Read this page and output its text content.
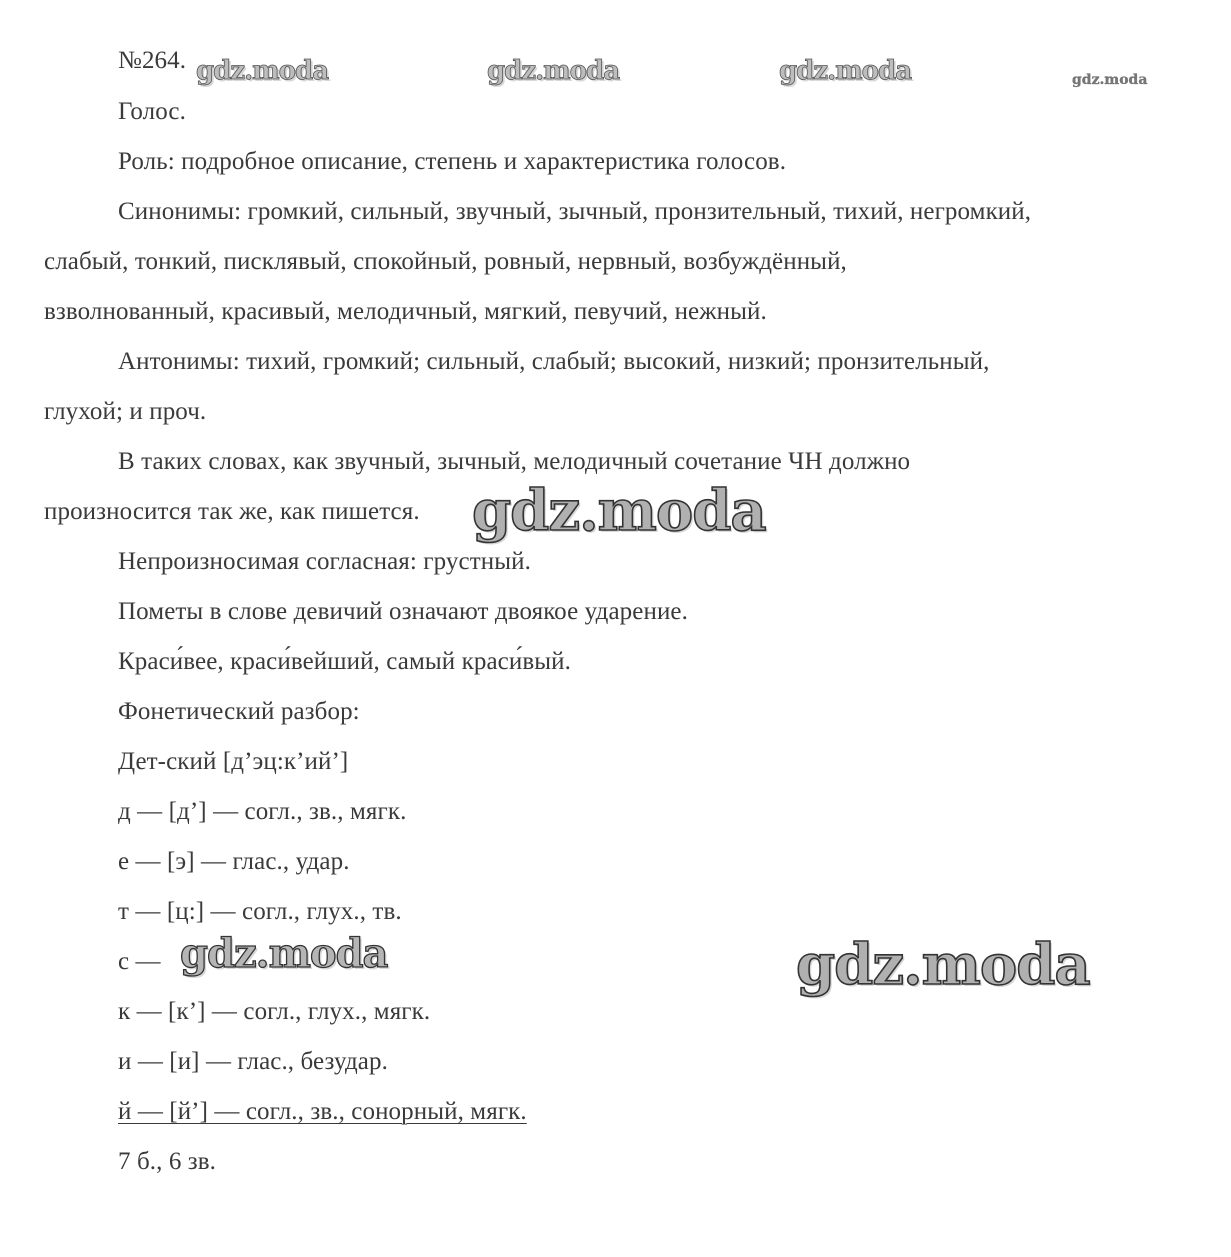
№264.
Голос.
Роль: подробное описание, степень и характеристика голосов.
Синонимы: громкий, сильный, звучный, зычный, пронзительный, тихий, негромкий,
слабый, тонкий, писклявый, спокойный, ровный, нервный, возбуждённый,
взволнованный, красивый, мелодичный, мягкий, певучий, нежный.
Антонимы: тихий, громкий; сильный, слабый; высокий, низкий; пронзительный,
глухой; и проч.
В таких словах, как звучный, зычный, мелодичный сочетание ЧН должно
произносится так же, как пишется.
Непроизносимая согласная: грустный.
Пометы в слове девичий означают двоякое ударение.
Краси́вее, краси́вейший, самый краси́вый.
Фонетический разбор:
Дет-ский [д’эц:к’ий’]
д — [д’] — согл., зв., мягк.
е — [э] — глас., удар.
т — [ц:] — согл., глух., тв.
с —
к — [к’] — согл., глух., мягк.
и — [и] — глас., безудар.
й — [й’] — согл., зв., сонорный, мягк.
7 б., 6 зв.
gdz.moda	gdz.moda	gdz.moda	gdz.moda
gdz.moda
gdz.moda	gdz.moda
